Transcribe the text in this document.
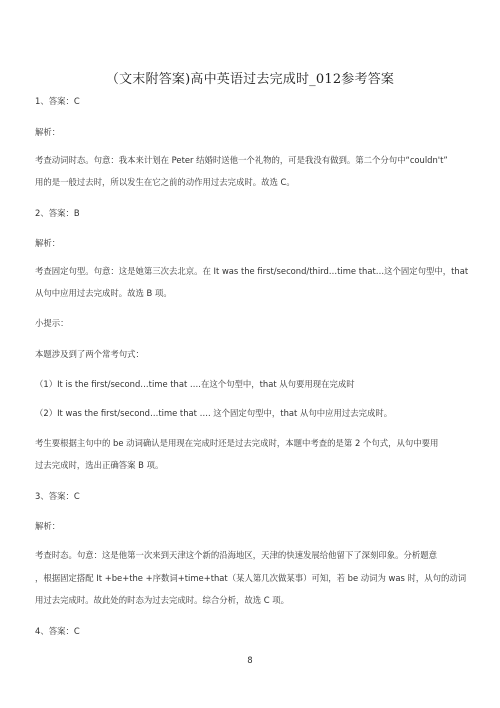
（文末附答案)高中英语过去完成时_012参考答案
1、答案：C
解析：
考查动词时态。句意：我本来计划在 Peter 结婚时送他一个礼物的，可是我没有做到。第二个分句中“couldn't”
用的是一般过去时，所以发生在它之前的动作用过去完成时。故选 C。
2、答案：B
解析：
考查固定句型。句意：这是她第三次去北京。在 It was the first/second/third…time that…这个固定句型中，that
从句中应用过去完成时。故选 B 项。
小提示：
本题涉及到了两个常考句式：
（1）It is the first/second…time that ….在这个句型中，that 从句要用现在完成时
（2）It was the first/second…time that …. 这个固定句型中，that 从句中应用过去完成时。
考生要根据主句中的 be 动词确认是用现在完成时还是过去完成时，本题中考查的是第 2 个句式，从句中要用
过去完成时，选出正确答案 B 项。
3、答案：C
解析：
考查时态。句意：这是他第一次来到天津这个新的沿海地区，天津的快速发展给他留下了深刻印象。分析题意
，根据固定搭配 It +be+the +序数词+time+that（某人第几次做某事）可知，若 be 动词为 was 时，从句的动词
用过去完成时。故此处的时态为过去完成时。综合分析，故选 C 项。
4、答案：C
8
